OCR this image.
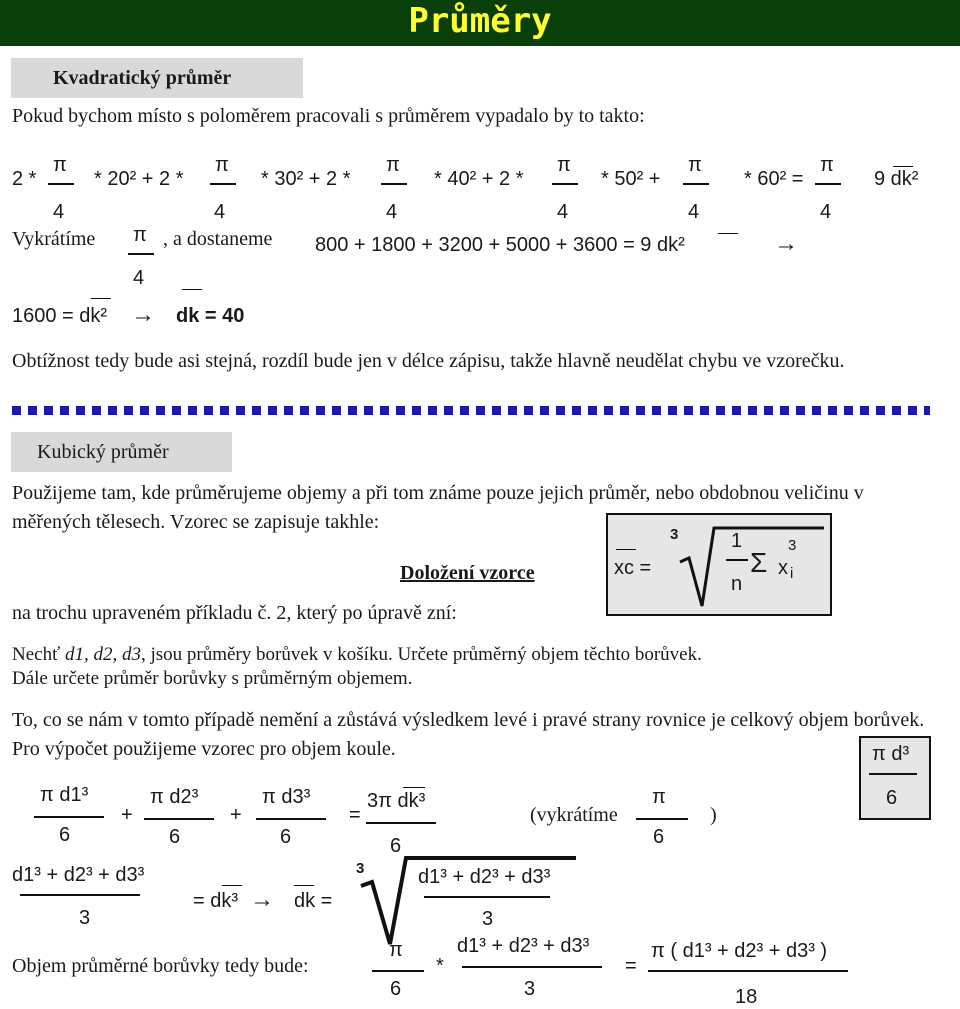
Průměry
Kvadratický průměr
Pokud bychom místo s poloměrem pracovali s průměrem vypadalo by to takto:
2 *	* 20² + 2 *	* 30² + 2 *	* 40² + 2 *	* 50² +	* 60² =	9 dk²
π
4
π
4
π
4
π
4
π
4
π
4
Vykrátíme π
4
, a dostaneme 800 + 1800 + 3200 + 5000 + 3600 = 9 dk²	→
1600 = dk² → dk = 40
Obtížnost tedy bude asi stejná, rozdíl bude jen v délce zápisu, takže hlavně neudělat chybu ve vzorečku.
Kubický průměr
Použijeme tam, kde průměrujeme objemy a při tom známe pouze jejich průměr, nebo obdobnou veličinu v měřených tělesech. Vzorec se zapisuje takhle:
Doložení vzorce	xc =
3	1
n
Σ
3
x i
na trochu upraveném příkladu č. 2, který po úpravě zní:
Nechť d1, d2, d3, jsou průměry borůvek v košíku. Určete průměrný objem těchto borůvek.
Dále určete průměr borůvky s průměrným objemem.
To, co se nám v tomto případě nemění a zůstává výsledkem levé i pravé strany rovnice je celkový objem borůvek. Pro výpočet použijeme vzorec pro objem koule.	π d³
6
π d1³
6
+
π d2³
6
+
π d3³
6
=
3π dk³
6
(vykrátíme
π
6
)
d1³ + d2³ + d3³
3
= dk³ → dk =
3	d1³ + d2³ + d3³
3
Objem průměrné borůvky tedy bude:
π
6
*
d1³ + d2³ + d3³
3
=
π ( d1³ + d2³ + d3³ )
18
